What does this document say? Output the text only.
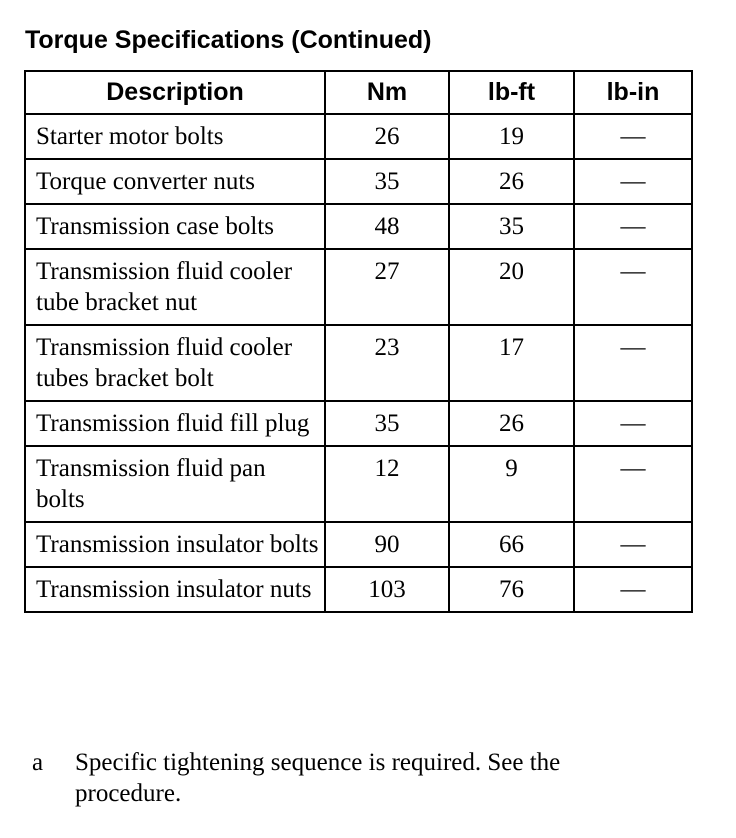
Torque Specifications (Continued)
Description	Nm	lb-ft	lb-in
Starter motor bolts	26	19	—
Torque converter nuts	35	26	—
Transmission case bolts	48	35	—
Transmission fluid cooler tube bracket nut	27	20	—
Transmission fluid cooler tubes bracket bolt	23	17	—
Transmission fluid fill plug	35	26	—
Transmission fluid pan bolts	12	9	—
Transmission insulator bolts	90	66	—
Transmission insulator nuts	103	76	—
a Specific tightening sequence is required. See the procedure.
